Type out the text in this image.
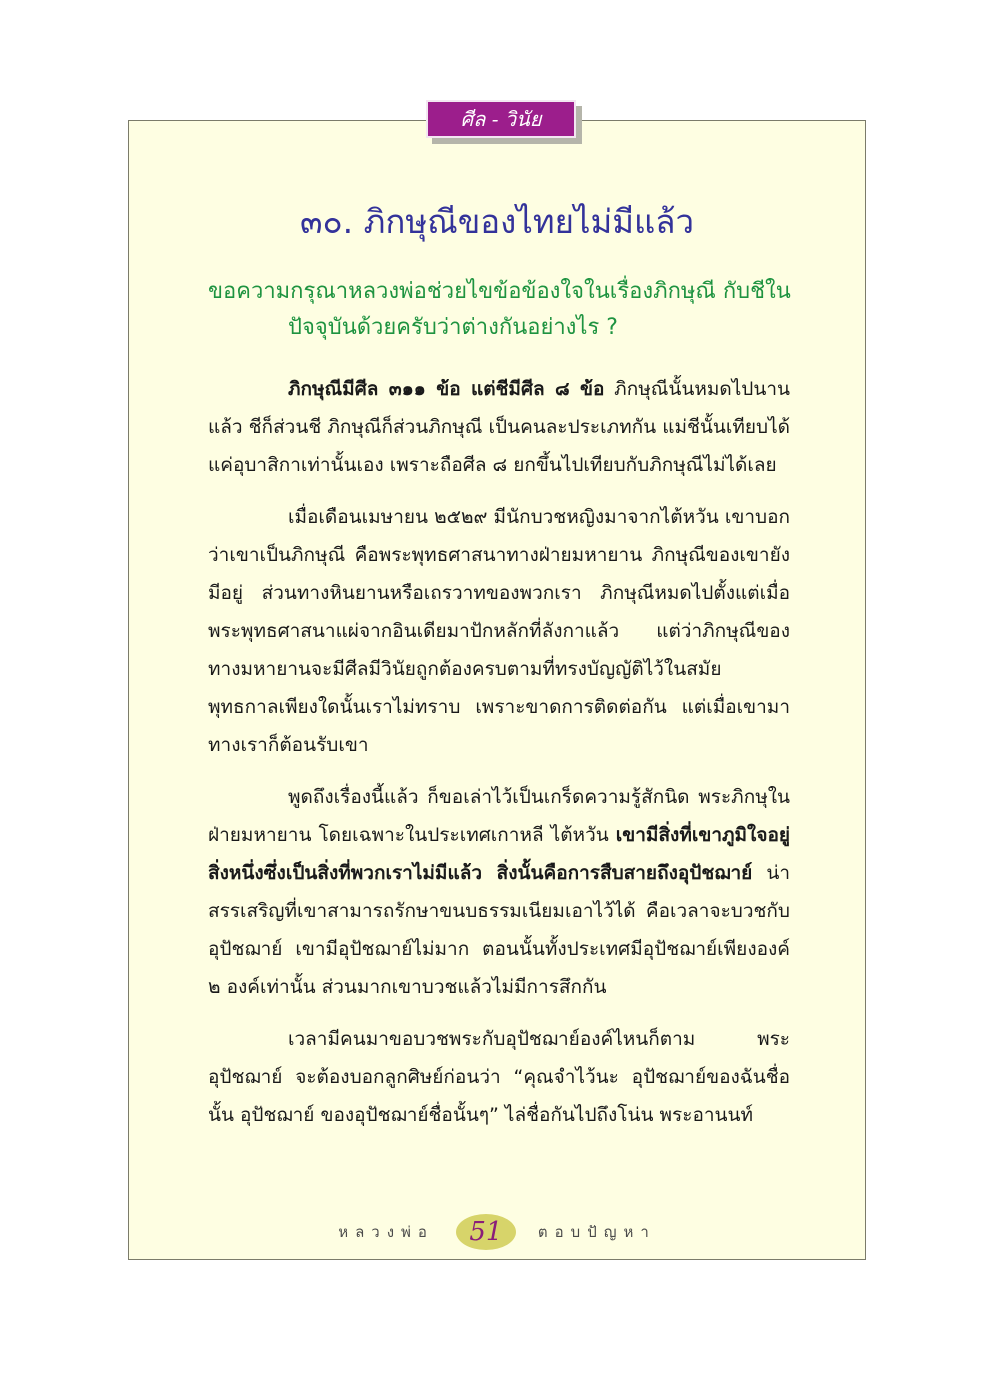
ศีล - วินัย
๓๐. ภิกษุณีของไทยไม่มีแล้ว
ขอความกรุณาหลวงพ่อช่วยไขข้อข้องใจในเรื่องภิกษุณี กับชีใน
ปัจจุบันด้วยครับว่าต่างกันอย่างไร ?

ภิกษุณีมีศีล ๓๑๑ ข้อ แต่ชีมีศีล ๘ ข้อ ภิกษุณีนั้นหมดไปนานแล้ว ชีก็ส่วนชี ภิกษุณีก็ส่วนภิกษุณี เป็นคนละประเภทกัน แม่ชีนั้นเทียบได้แค่อุบาสิกาเท่านั้นเอง เพราะถือศีล ๘ ยกขึ้นไปเทียบกับภิกษุณีไม่ได้เลย

เมื่อเดือนเมษายน ๒๕๒๙ มีนักบวชหญิงมาจากไต้หวัน เขาบอกว่าเขาเป็นภิกษุณี คือพระพุทธศาสนาทางฝ่ายมหายาน ภิกษุณีของเขายังมีอยู่ ส่วนทางหินยานหรือเถรวาทของพวกเรา ภิกษุณีหมดไปตั้งแต่เมื่อพระพุทธศาสนาแผ่จากอินเดียมาปักหลักที่ลังกาแล้ว แต่ว่าภิกษุณีของทางมหายานจะมีศีลมีวินัยถูกต้องครบตามที่ทรงบัญญัติไว้ในสมัยพุทธกาลเพียงใดนั้นเราไม่ทราบ เพราะขาดการติดต่อกัน แต่เมื่อเขามา ทางเราก็ต้อนรับเขา

พูดถึงเรื่องนี้แล้ว ก็ขอเล่าไว้เป็นเกร็ดความรู้สักนิด พระภิกษุในฝ่ายมหายาน โดยเฉพาะในประเทศเกาหลี ไต้หวัน เขามีสิ่งที่เขาภูมิใจอยู่สิ่งหนึ่งซึ่งเป็นสิ่งที่พวกเราไม่มีแล้ว สิ่งนั้นคือการสืบสายถึงอุปัชฌาย์ น่าสรรเสริญที่เขาสามารถรักษาขนบธรรมเนียมเอาไว้ได้ คือเวลาจะบวชกับอุปัชฌาย์ เขามีอุปัชฌาย์ไม่มาก ตอนนั้นทั้งประเทศมีอุปัชฌาย์เพียงองค์ ๒ องค์เท่านั้น ส่วนมากเขาบวชแล้วไม่มีการสึกกัน

เวลามีคนมาขอบวชพระกับอุปัชฌาย์องค์ไหนก็ตาม พระอุปัชฌาย์ จะต้องบอกลูกศิษย์ก่อนว่า “คุณจำไว้นะ อุปัชฌาย์ของฉันชื่อนั้น อุปัชฌาย์ ของอุปัชฌาย์ชื่อนั้นๆ” ไล่ชื่อกันไปถึงโน่น พระอานนท์

หลวงพ่อ	51	ตอบปัญหา
